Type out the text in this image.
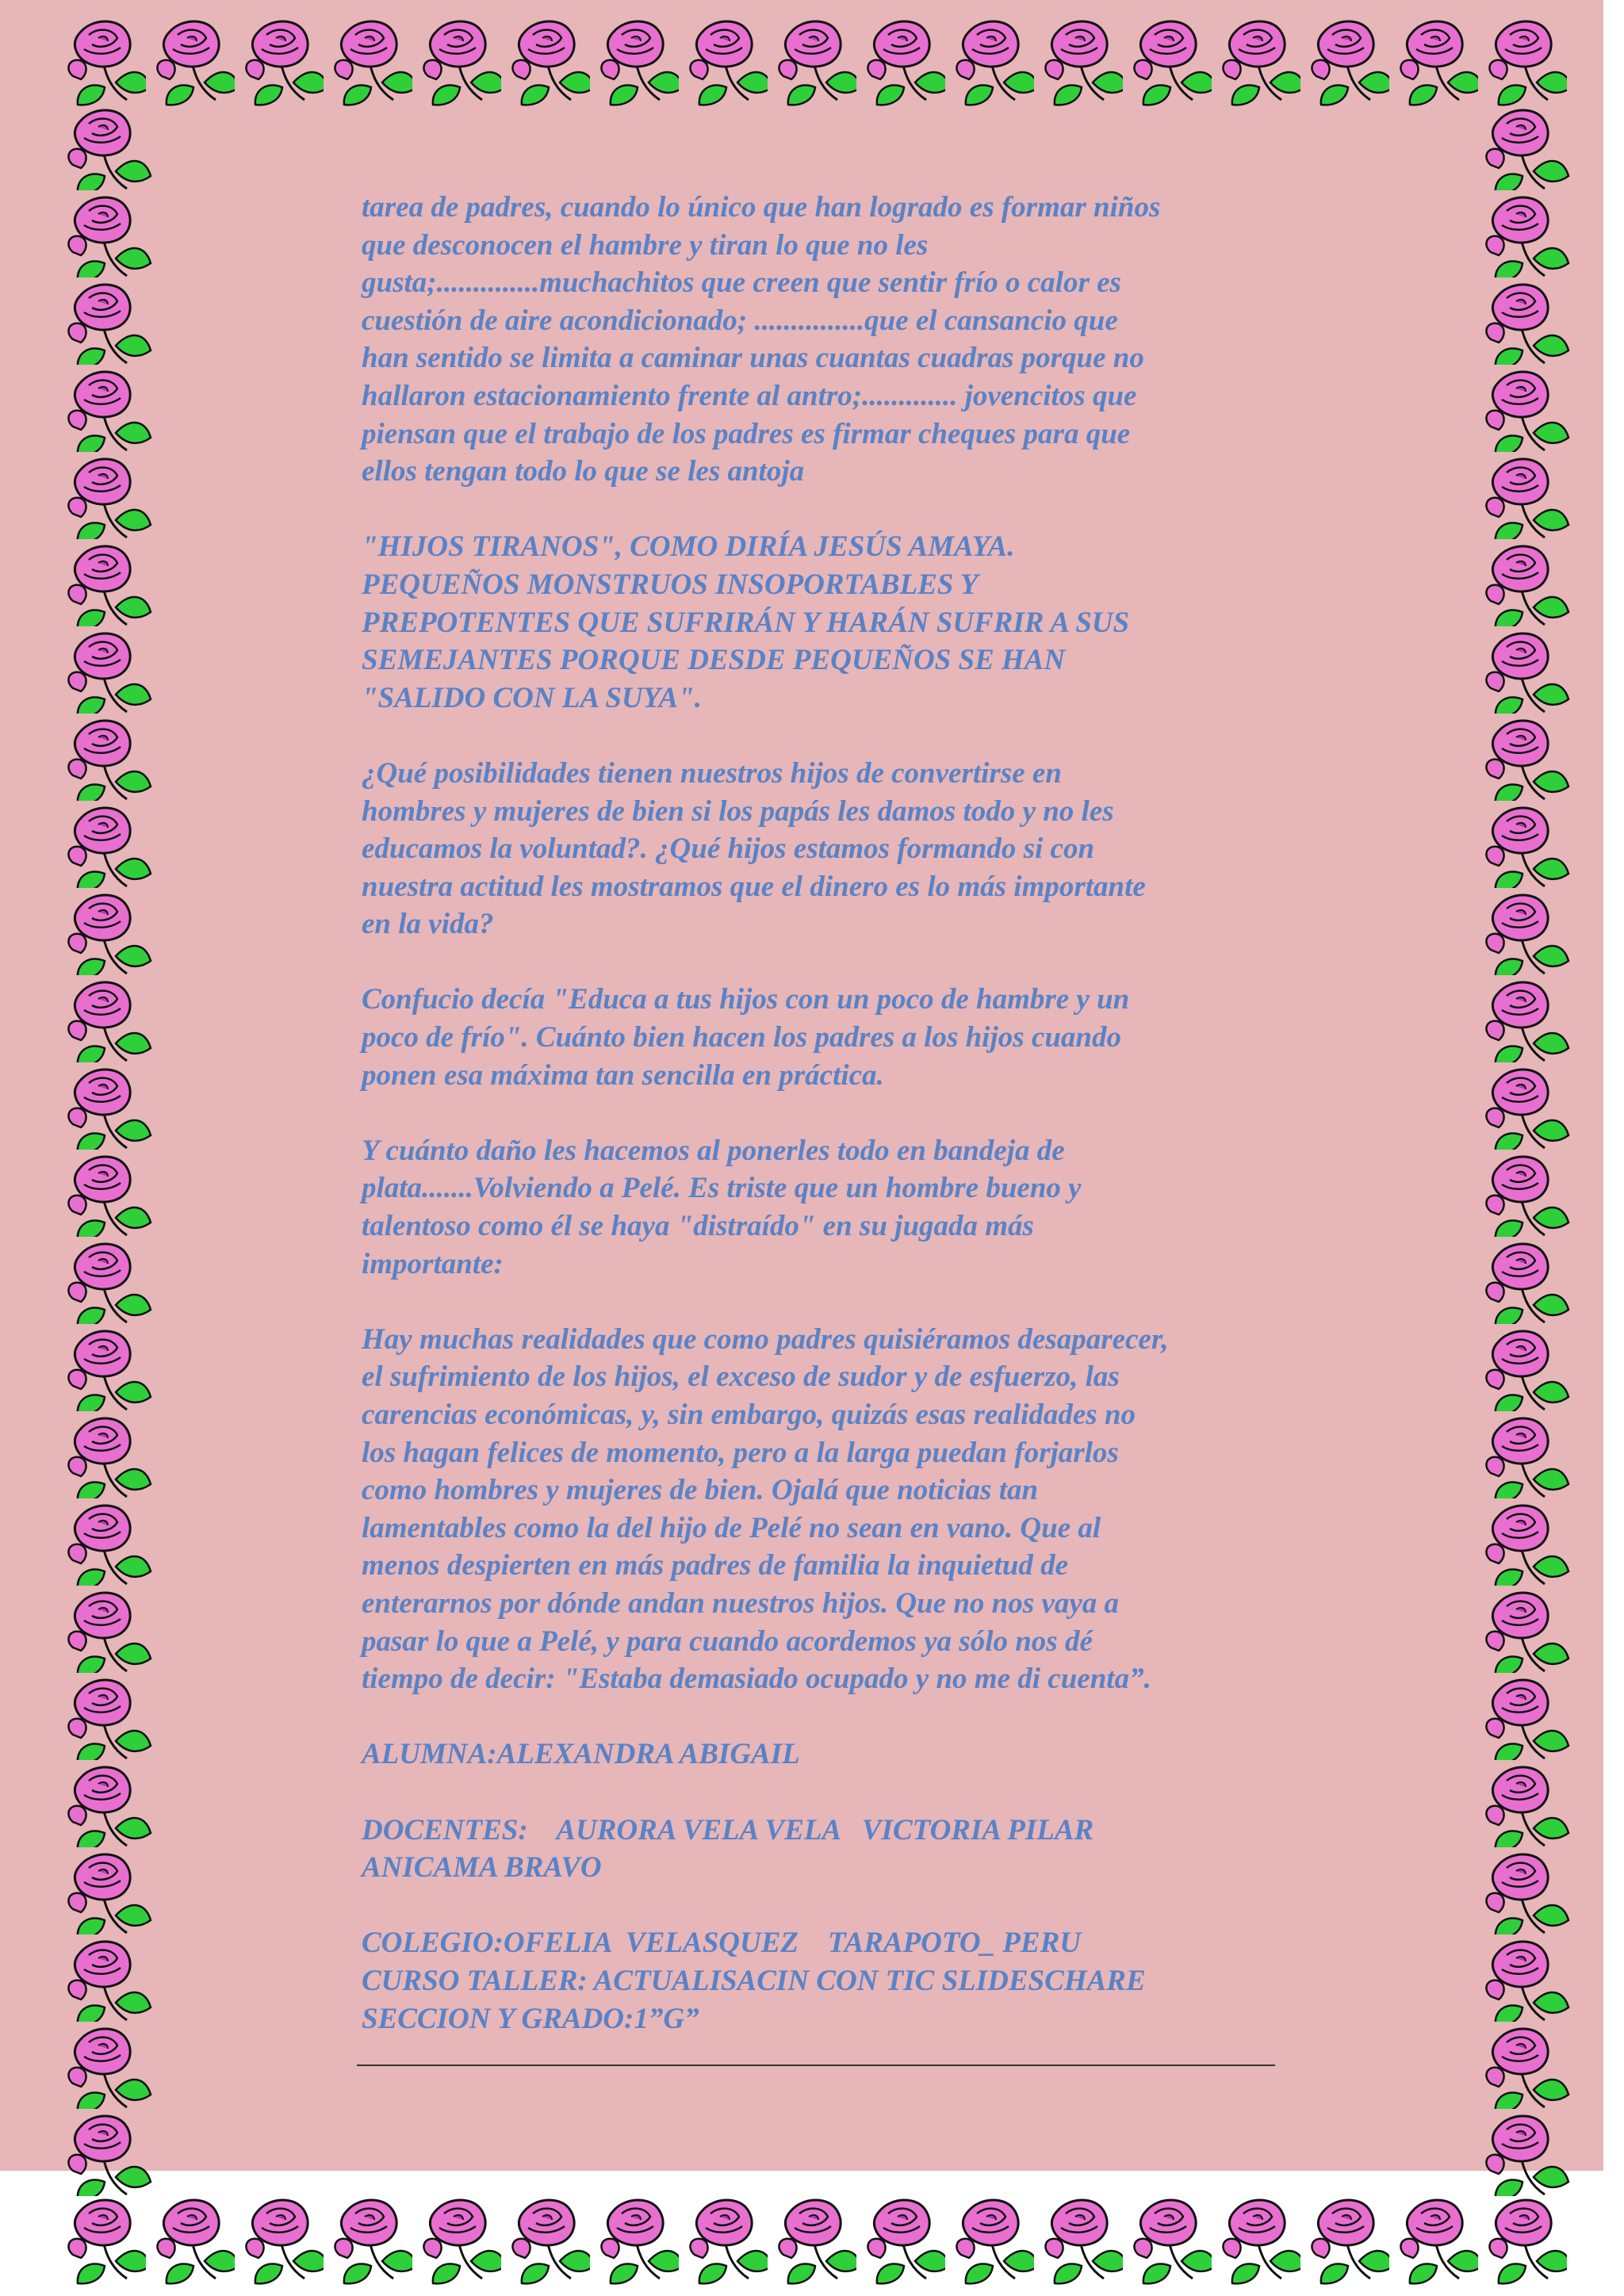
tarea de padres, cuando lo único que han logrado es formar niños
que desconocen el hambre y tiran lo que no les
gusta;..............muchachitos que creen que sentir frío o calor es
cuestión de aire acondicionado; ...............que el cansancio que
han sentido se limita a caminar unas cuantas cuadras porque no
hallaron estacionamiento frente al antro;............. jovencitos que
piensan que el trabajo de los padres es firmar cheques para que
ellos tengan todo lo que se les antoja

"HIJOS TIRANOS", COMO DIRÍA JESÚS AMAYA.
PEQUEÑOS MONSTRUOS INSOPORTABLES Y
PREPOTENTES QUE SUFRIRÁN Y HARÁN SUFRIR A SUS
SEMEJANTES PORQUE DESDE PEQUEÑOS SE HAN
"SALIDO CON LA SUYA".

¿Qué posibilidades tienen nuestros hijos de convertirse en
hombres y mujeres de bien si los papás les damos todo y no les
educamos la voluntad?. ¿Qué hijos estamos formando si con
nuestra actitud les mostramos que el dinero es lo más importante
en la vida?

Confucio decía "Educa a tus hijos con un poco de hambre y un
poco de frío". Cuánto bien hacen los padres a los hijos cuando
ponen esa máxima tan sencilla en práctica.

Y cuánto daño les hacemos al ponerles todo en bandeja de
plata.......Volviendo a Pelé. Es triste que un hombre bueno y
talentoso como él se haya "distraído" en su jugada más
importante:

Hay muchas realidades que como padres quisiéramos desaparecer,
el sufrimiento de los hijos, el exceso de sudor y de esfuerzo, las
carencias económicas, y, sin embargo, quizás esas realidades no
los hagan felices de momento, pero a la larga puedan forjarlos
como hombres y mujeres de bien. Ojalá que noticias tan
lamentables como la del hijo de Pelé no sean en vano. Que al
menos despierten en más padres de familia la inquietud de
enterarnos por dónde andan nuestros hijos. Que no nos vaya a
pasar lo que a Pelé, y para cuando acordemos ya sólo nos dé
tiempo de decir: "Estaba demasiado ocupado y no me di cuenta”.

ALUMNA:ALEXANDRA ABIGAIL

DOCENTES:    AURORA VELA VELA   VICTORIA PILAR
ANICAMA BRAVO

COLEGIO:OFELIA  VELASQUEZ    TARAPOTO_ PERU
CURSO TALLER: ACTUALISACIN CON TIC SLIDESCHARE
SECCION Y GRADO:1”G”
